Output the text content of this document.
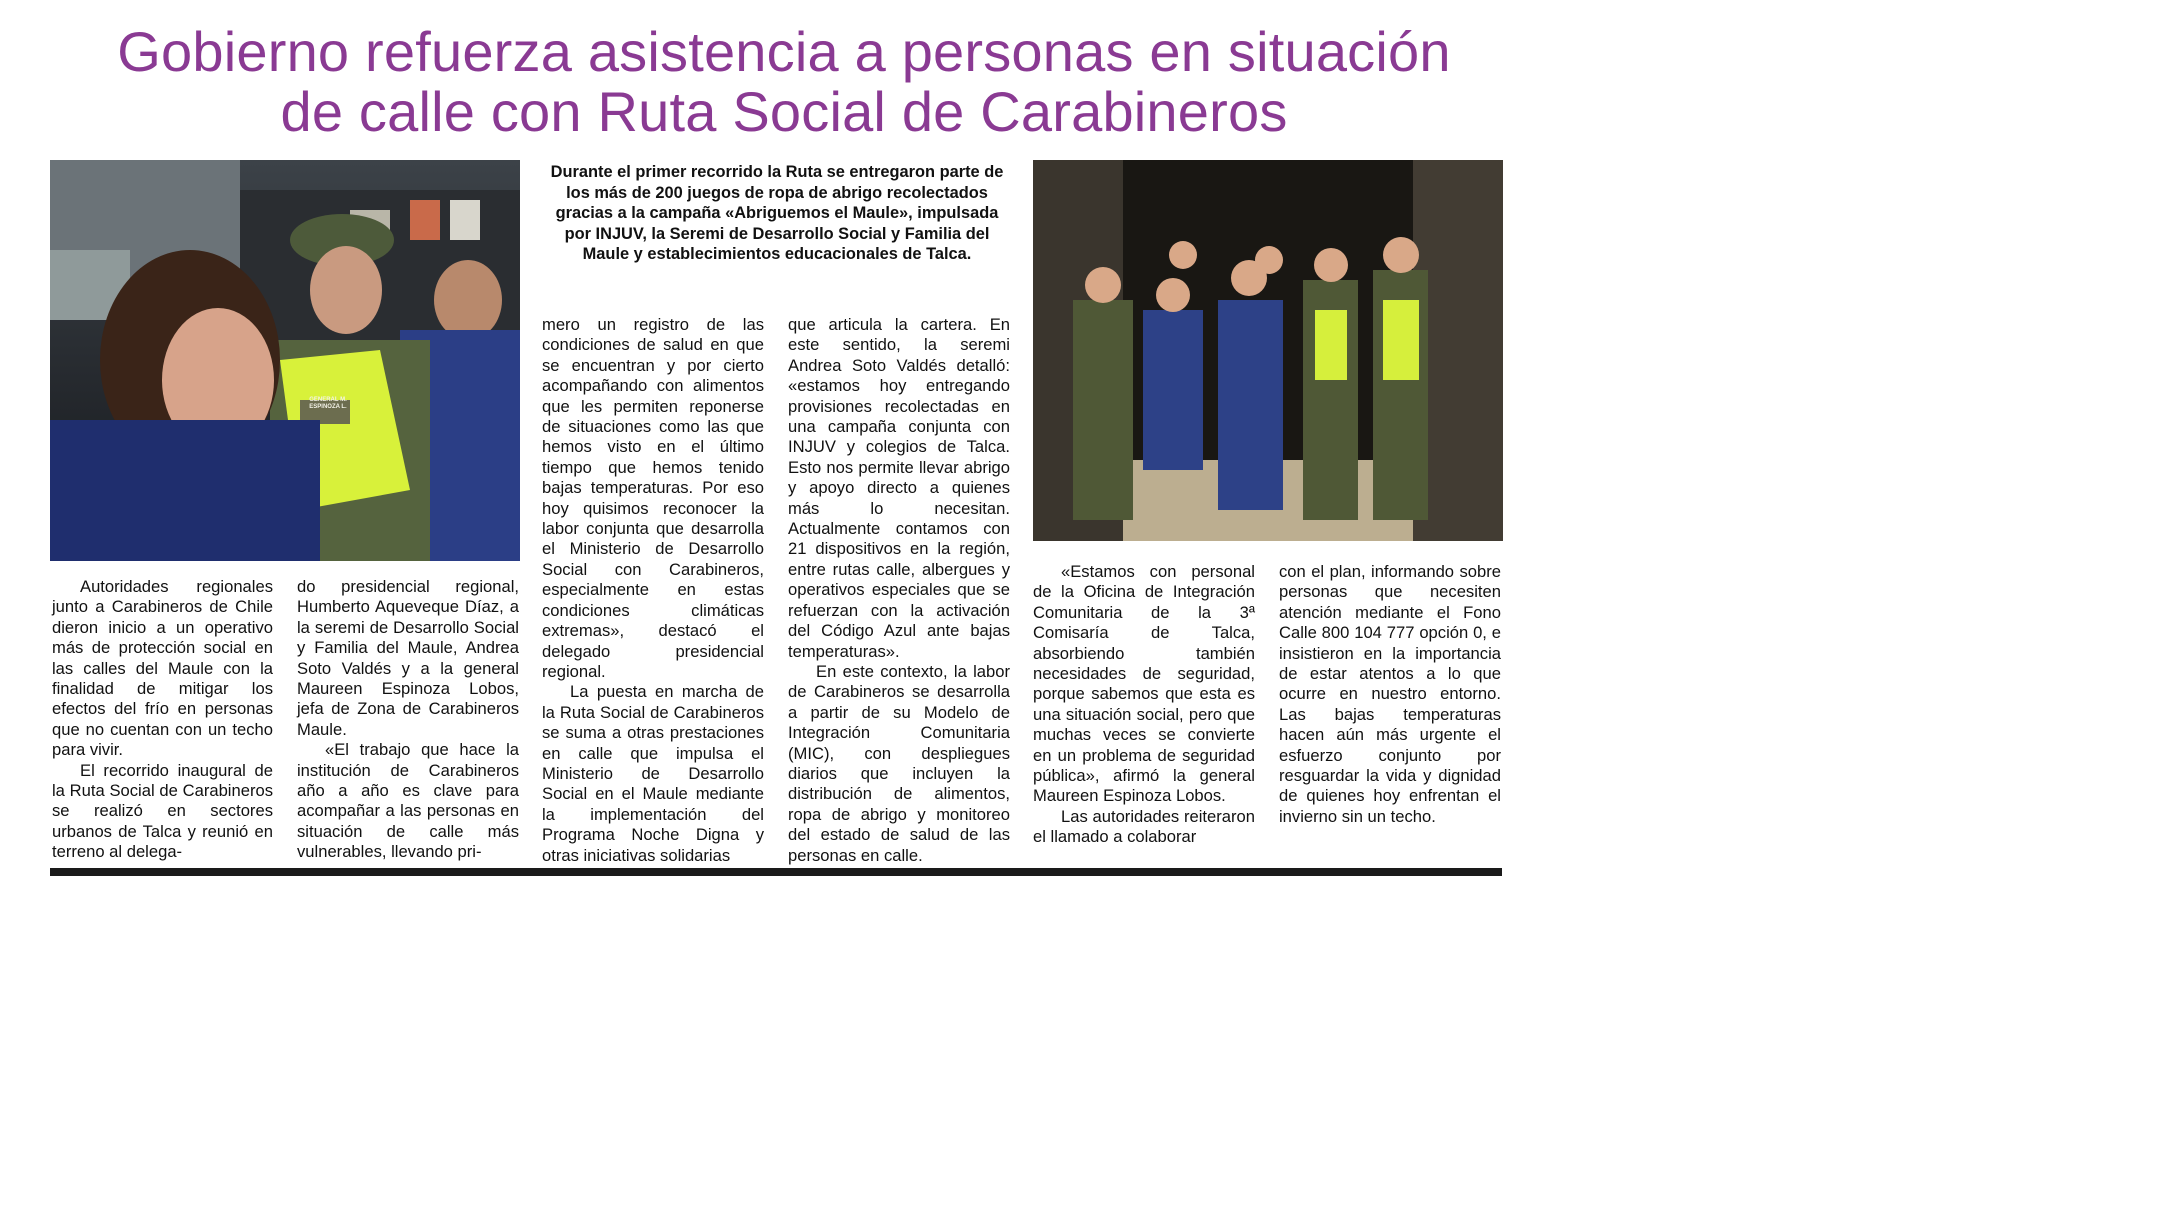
Gobierno refuerza asistencia a personas en situación
de calle con Ruta Social de Carabineros
GENERAL M. ESPINOZA L.

Durante el primer recorrido la Ruta se entregaron parte de los más de 200 juegos de ropa de abrigo recolectados gracias a la campaña «Abriguemos el Maule», impulsada por INJUV, la Seremi de Desarrollo Social y Familia del Maule y establecimientos educacionales de Talca.

Autoridades regionales junto a Carabineros de Chile dieron inicio a un operativo más de protección social en las calles del Maule con la finalidad de mitigar los efectos del frío en personas que no cuentan con un techo para vivir.

El recorrido inaugural de la Ruta Social de Carabineros se realizó en sectores urbanos de Talca y reunió en terreno al delega-

do presidencial regional, Humberto Aqueveque Díaz, a la seremi de Desarrollo Social y Familia del Maule, Andrea Soto Valdés y a la general Maureen Espinoza Lobos, jefa de Zona de Carabineros Maule.

«El trabajo que hace la institución de Carabineros año a año es clave para acompañar a las personas en situación de calle más vulnerables, llevando pri-

mero un registro de las condiciones de salud en que se encuentran y por cierto acompañando con alimentos que les permiten reponerse de situaciones como las que hemos visto en el último tiempo que hemos tenido bajas temperaturas. Por eso hoy quisimos reconocer la labor conjunta que desarrolla el Ministerio de Desarrollo Social con Carabineros, especialmente en estas condiciones climáticas extremas», destacó el delegado presidencial regional.

La puesta en marcha de la Ruta Social de Carabineros se suma a otras prestaciones en calle que impulsa el Ministerio de Desarrollo Social en el Maule mediante la implementación del Programa Noche Digna y otras iniciativas solidarias

que articula la cartera. En este sentido, la seremi Andrea Soto Valdés detalló: «estamos hoy entregando provisiones recolectadas en una campaña conjunta con INJUV y colegios de Talca. Esto nos permite llevar abrigo y apoyo directo a quienes más lo necesitan. Actualmente contamos con 21 dispositivos en la región, entre rutas calle, albergues y operativos especiales que se refuerzan con la activación del Código Azul ante bajas temperaturas».

En este contexto, la labor de Carabineros se desarrolla a partir de su Modelo de Integración Comunitaria (MIC), con despliegues diarios que incluyen la distribución de alimentos, ropa de abrigo y monitoreo del estado de salud de las personas en calle.

«Estamos con personal de la Oficina de Integración Comunitaria de la 3ª Comisaría de Talca, absorbiendo también necesidades de seguridad, porque sabemos que esta es una situación social, pero que muchas veces se convierte en un problema de seguridad pública», afirmó la general Maureen Espinoza Lobos.

Las autoridades reiteraron el llamado a colaborar

con el plan, informando sobre personas que necesiten atención mediante el Fono Calle 800 104 777 opción 0, e insistieron en la importancia de estar atentos a lo que ocurre en nuestro entorno. Las bajas temperaturas hacen aún más urgente el esfuerzo conjunto por resguardar la vida y dignidad de quienes hoy enfrentan el invierno sin un techo.
